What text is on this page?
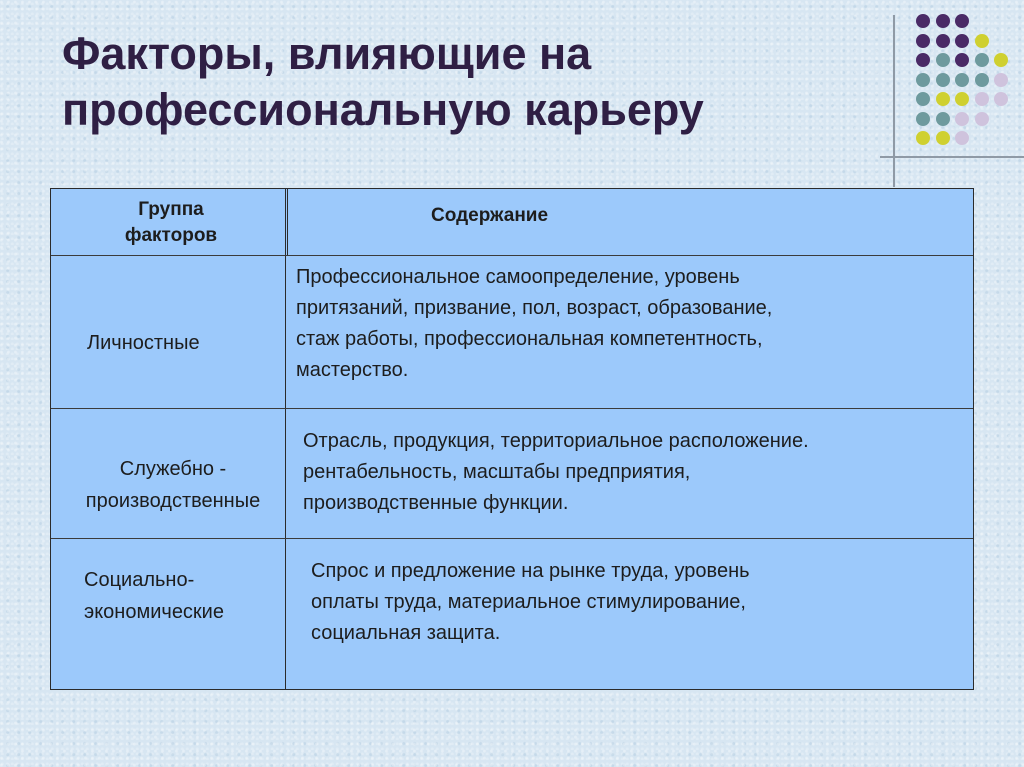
Факторы, влияющие на
профессиональную карьеру
Группа
факторов
Содержание
Личностные
Профессиональное самоопределение, уровень
притязаний, призвание, пол, возраст, образование,
стаж работы, профессиональная компетентность,
мастерство.
Служебно -
производственные
Отрасль, продукция, территориальное расположение.
рентабельность, масштабы предприятия,
производственные функции.
Социально-
экономические
Спрос и предложение на рынке труда, уровень
оплаты труда, материальное стимулирование,
социальная защита.
